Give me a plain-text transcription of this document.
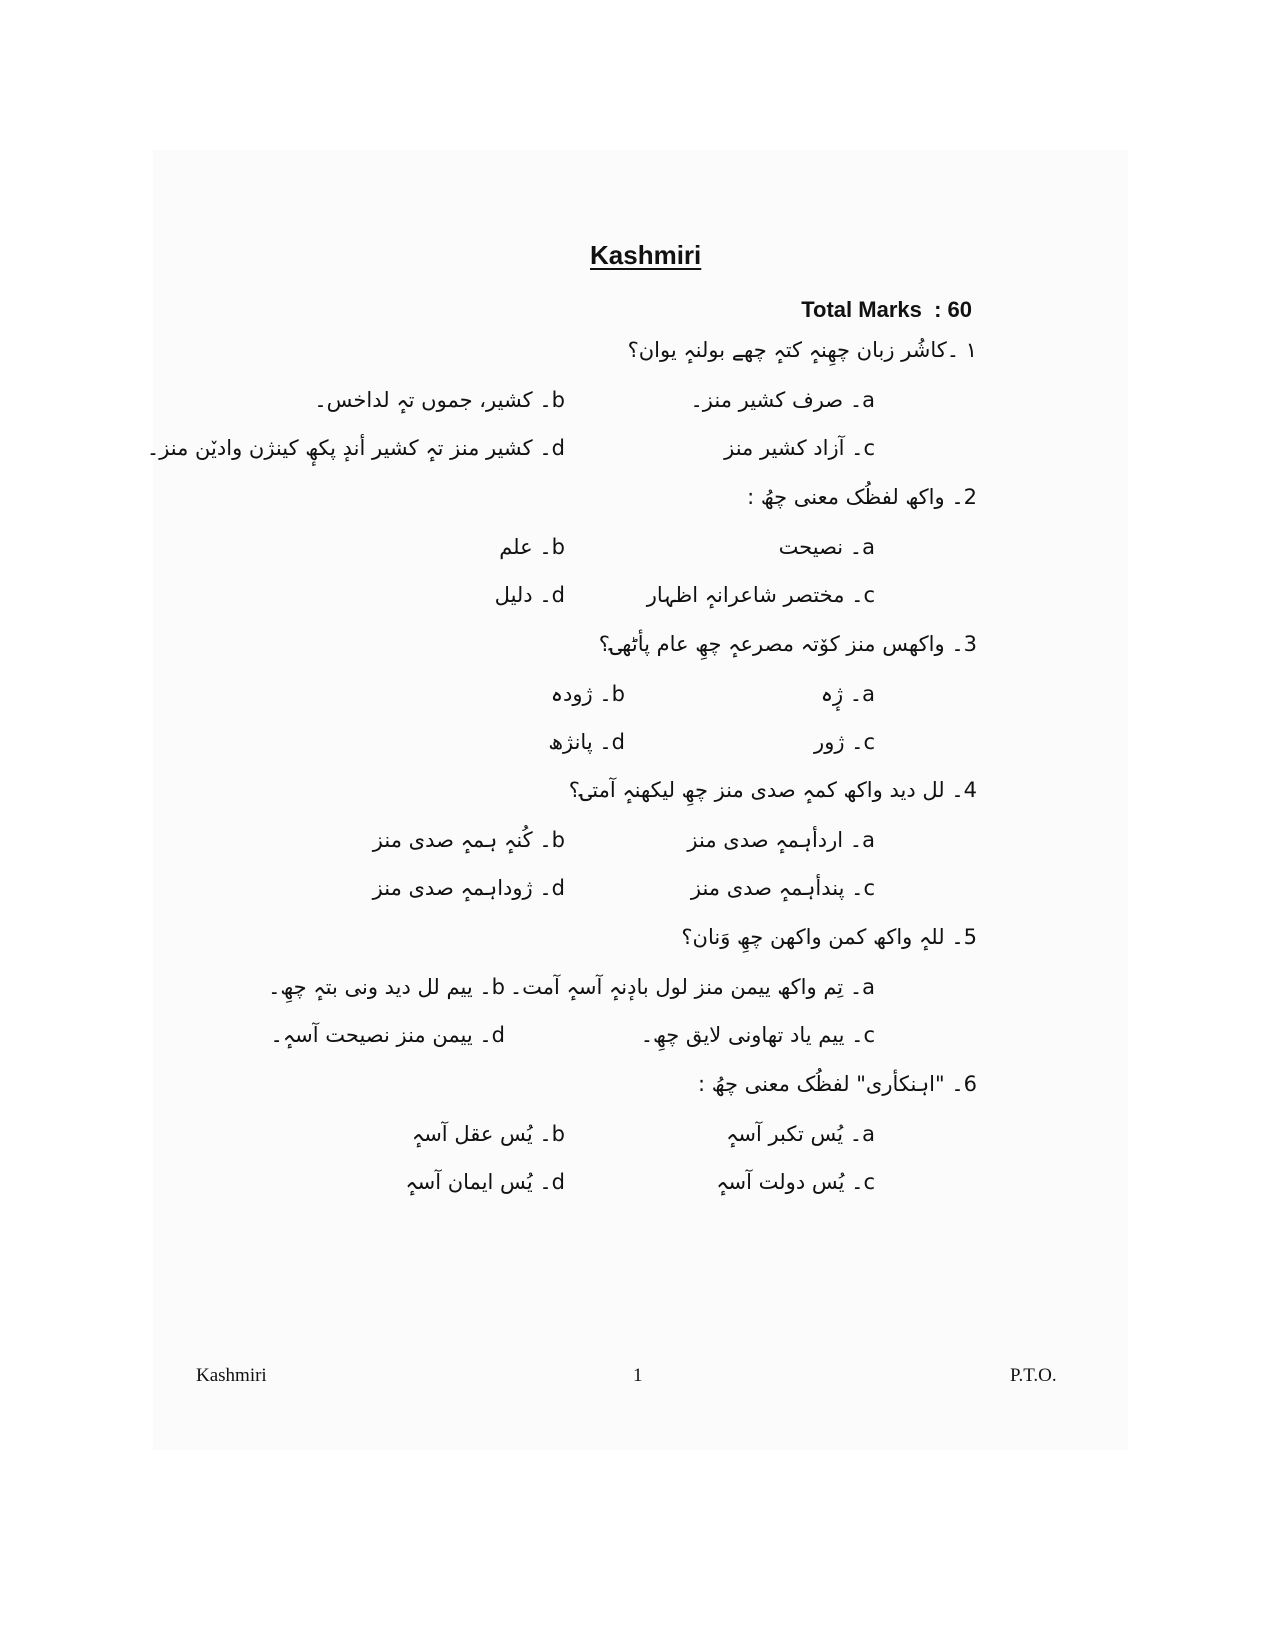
Kashmiri
Total Marks  : 60
۱ ۔کاشُر زبان چھِنہٕ کتہٕ چھے بولنہٕ یوان؟
a۔ صرف کشیر منز۔
b۔ کشیر، جموں تہٕ لداخس۔
c۔ آزاد کشیر منز
d۔ کشیر منز تہٕ کشیر أندٕ پکھٕ کینژن وادیٚن منز۔
2۔ واکھ لفظُک معنی چھُ :
a۔ نصیحت
b۔ علم
c۔ مختصر شاعرانہٕ اظہار
d۔ دلیل
3۔ واکھس منز کوٚتہ مصرعہٕ چھِ عام پأٹھۍ؟
a۔ ژٕہ
b۔ ژودہ
c۔ ژور
d۔ پانژھ
4۔ لل دید واکھ کمہٕ صدی منز چھِ لیکھنہٕ آمتۍ؟
a۔ اردأہمہٕ صدی منز
b۔ کُنہٕ ہمہٕ صدی منز
c۔ پندأہمہٕ صدی منز
d۔ ژوداہمہٕ صدی منز
5۔ للہٕ واکھ کمن واکھن چھِ وَنان؟
a۔ تِم واکھ ییمن منز لول بادٕنہٕ آسہٕ آمت۔
b۔ ییم لل دید ونی بتہٕ چھِ۔
c۔ ییم یاد تھاونی لایق چھِ۔
d۔ ییمن منز نصیحت آسہٕ۔
6۔ "اہنکأری" لفظُک معنی چھُ :
a۔ یُس تکبر آسہٕ
b۔ یُس عقل آسہٕ
c۔ یُس دولت آسہٕ
d۔ یُس ایمان آسہٕ
Kashmiri	1	P.T.O.
